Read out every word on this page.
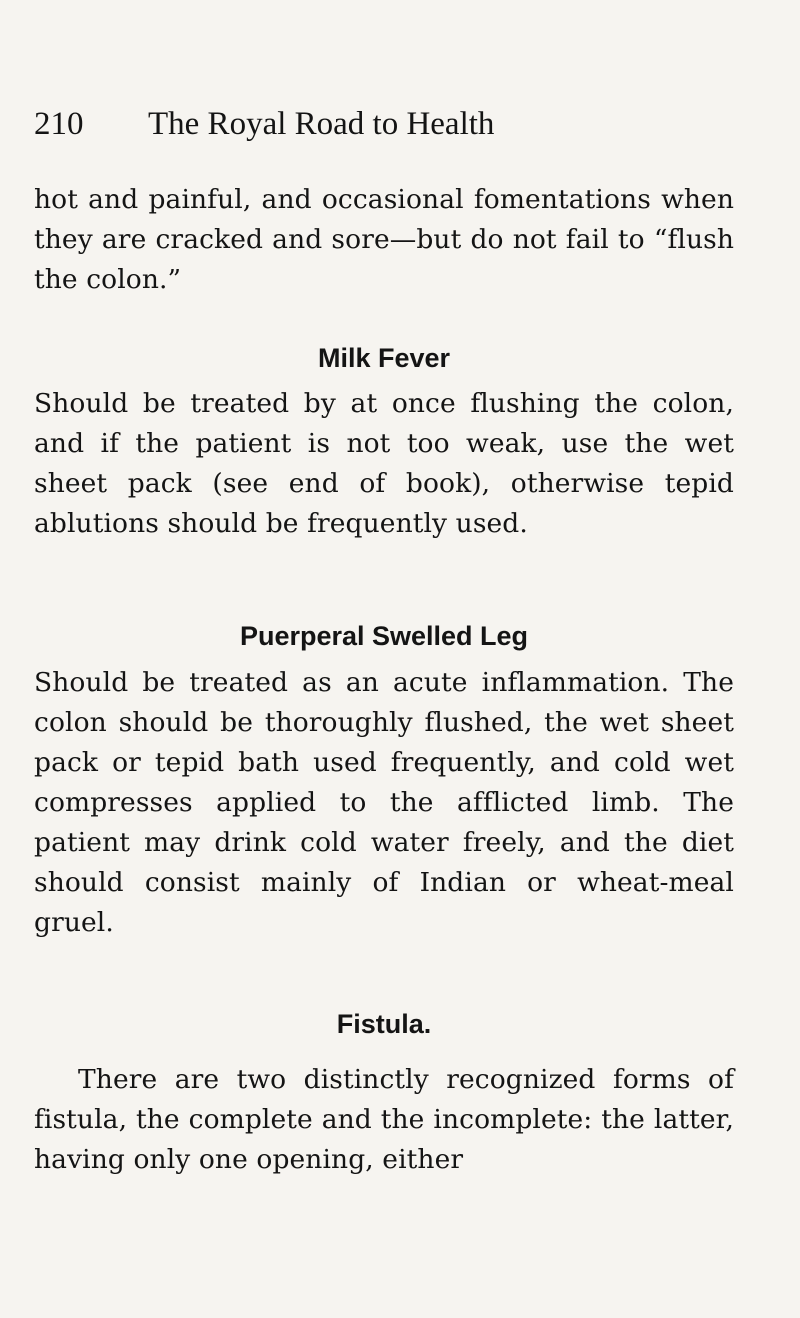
210 The Royal Road to Health

hot and painful, and occasional fomentations when they are cracked and sore—but do not fail to “flush the colon.”

Milk Fever

Should be treated by at once flushing the colon, and if the patient is not too weak, use the wet sheet pack (see end of book), otherwise tepid ablutions should be frequently used.

Puerperal Swelled Leg

Should be treated as an acute inflammation. The colon should be thoroughly flushed, the wet sheet pack or tepid bath used frequently, and cold wet compresses applied to the afflicted limb. The patient may drink cold water freely, and the diet should consist mainly of Indian or wheat-meal gruel.

Fistula.

There are two distinctly recognized forms of fistula, the complete and the incomplete: the latter, having only one opening, either
